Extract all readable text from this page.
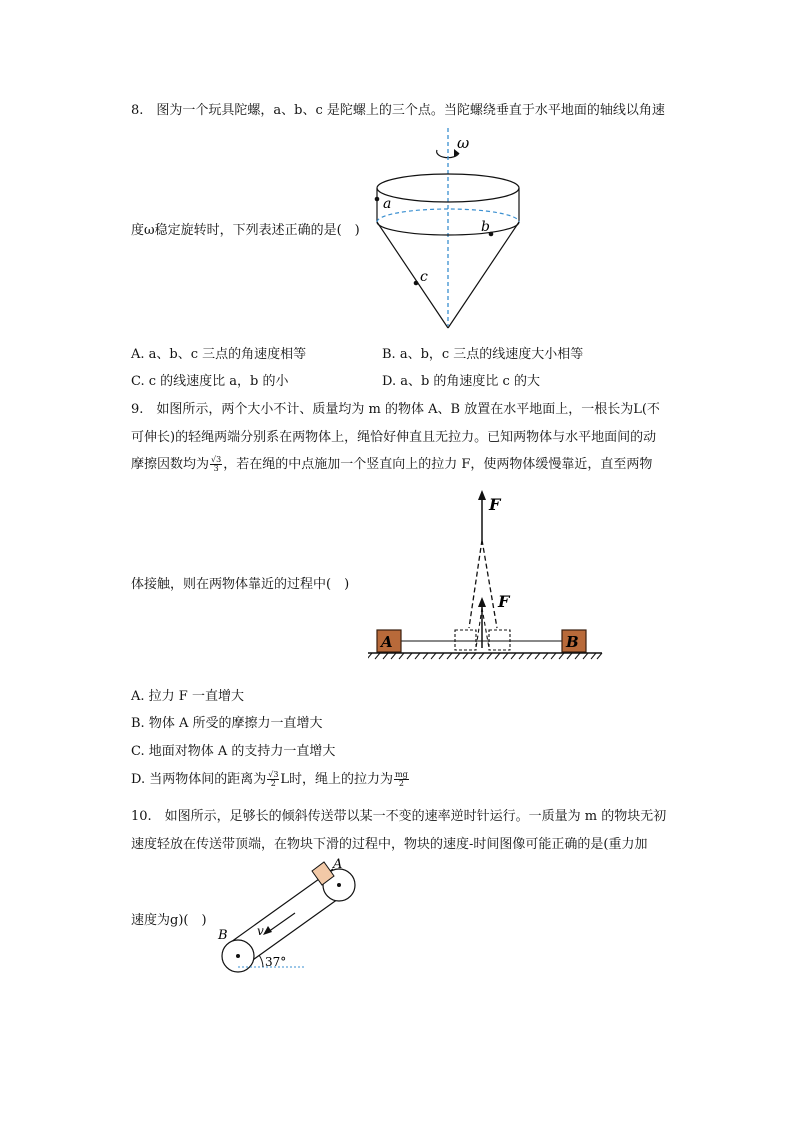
8.　图为一个玩具陀螺，a、b、c 是陀螺上的三个点。当陀螺绕垂直于水平地面的轴线以角速
度ω稳定旋转时，下列表述正确的是(　)
ω
a
b
c
A. a、b、c 三点的角速度相等	B. a、b，c 三点的线速度大小相等
C. c 的线速度比 a，b 的小	D. a、b 的角速度比 c 的大
9.　如图所示，两个大小不计、质量均为 m 的物体 A、B 放置在水平地面上，一根长为L(不
可伸长)的轻绳两端分别系在两物体上，绳恰好伸直且无拉力。已知两物体与水平地面间的动
摩擦因数均为 $\frac{√3}{3}$ ，若在绳的中点施加一个竖直向上的拉力 F，使两物体缓慢靠近，直至两物
F
F
A	B
体接触，则在两物体靠近的过程中(　)
A. 拉力 F 一直增大
B. 物体 A 所受的摩擦力一直增大
C. 地面对物体 A 的支持力一直增大
D. 当两物体间的距离为 $\frac{√3}{2}$ L时，绳上的拉力为 $\frac{mg}{2}$
10.　如图所示，足够长的倾斜传送带以某一不变的速率逆时针运行。一质量为 m 的物块无初
速度轻放在传送带顶端，在物块下滑的过程中，物块的速度-时间图像可能正确的是(重力加
速度为g)(　)
A
B v
37°
